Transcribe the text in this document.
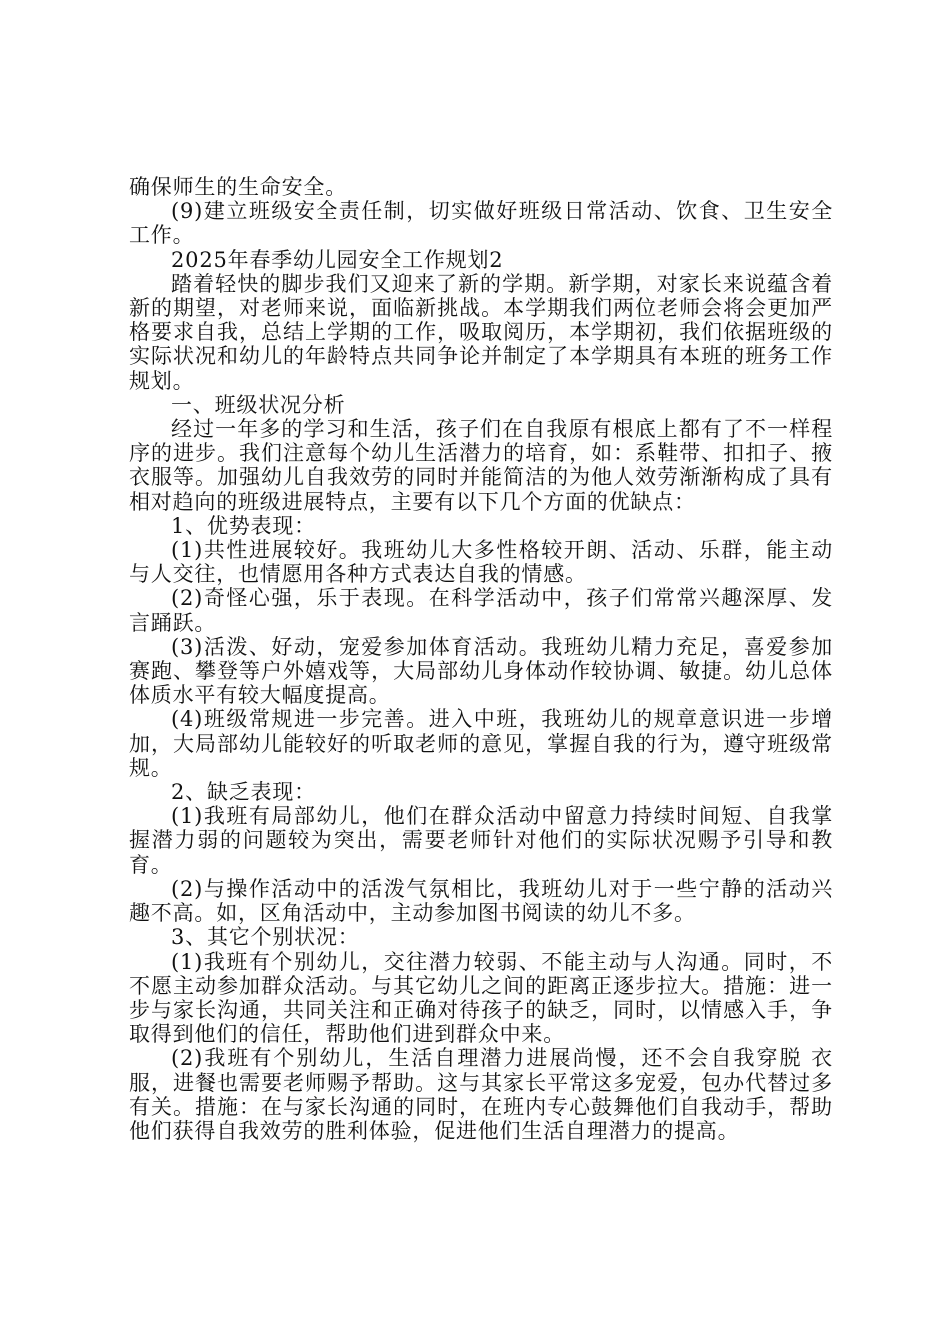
确保师生的生命安全。

(9)建立班级安全责任制，切实做好班级日常活动、饮食、卫生安全工作。

2025年春季幼儿园安全工作规划2

踏着轻快的脚步我们又迎来了新的学期。新学期，对家长来说蕴含着新的期望，对老师来说，面临新挑战。本学期我们两位老师会将会更加严格要求自我，总结上学期的工作，吸取阅历，本学期初，我们依据班级的实际状况和幼儿的年龄特点共同争论并制定了本学期具有本班的班务工作规划。

一、班级状况分析

经过一年多的学习和生活，孩子们在自我原有根底上都有了不一样程序的进步。我们注意每个幼儿生活潜力的培育，如：系鞋带、扣扣子、掖衣服等。加强幼儿自我效劳的同时并能简洁的为他人效劳渐渐构成了具有相对趋向的班级进展特点，主要有以下几个方面的优缺点：

1、优势表现：

(1)共性进展较好。我班幼儿大多性格较开朗、活动、乐群，能主动与人交往，也情愿用各种方式表达自我的情感。

(2)奇怪心强，乐于表现。在科学活动中，孩子们常常兴趣深厚、发言踊跃。

(3)活泼、好动，宠爱参加体育活动。我班幼儿精力充足，喜爱参加赛跑、攀登等户外嬉戏等，大局部幼儿身体动作较协调、敏捷。幼儿总体体质水平有较大幅度提高。

(4)班级常规进一步完善。进入中班，我班幼儿的规章意识进一步增加，大局部幼儿能较好的听取老师的意见，掌握自我的行为，遵守班级常规。

2、缺乏表现：

(1)我班有局部幼儿，他们在群众活动中留意力持续时间短、自我掌握潜力弱的问题较为突出，需要老师针对他们的实际状况赐予引导和教育。

(2)与操作活动中的活泼气氛相比，我班幼儿对于一些宁静的活动兴趣不高。如，区角活动中，主动参加图书阅读的幼儿不多。

3、其它个别状况：

(1)我班有个别幼儿，交往潜力较弱、不能主动与人沟通。同时，不不愿主动参加群众活动。与其它幼儿之间的距离正逐步拉大。措施：进一步与家长沟通，共同关注和正确对待孩子的缺乏，同时，以情感入手，争取得到他们的信任，帮助他们进到群众中来。

(2)我班有个别幼儿，生活自理潜力进展尚慢，还不会自我穿脱 衣服，进餐也需要老师赐予帮助。这与其家长平常这多宠爱，包办代替过多有关。措施：在与家长沟通的同时，在班内专心鼓舞他们自我动手，帮助他们获得自我效劳的胜利体验，促进他们生活自理潜力的提高。
